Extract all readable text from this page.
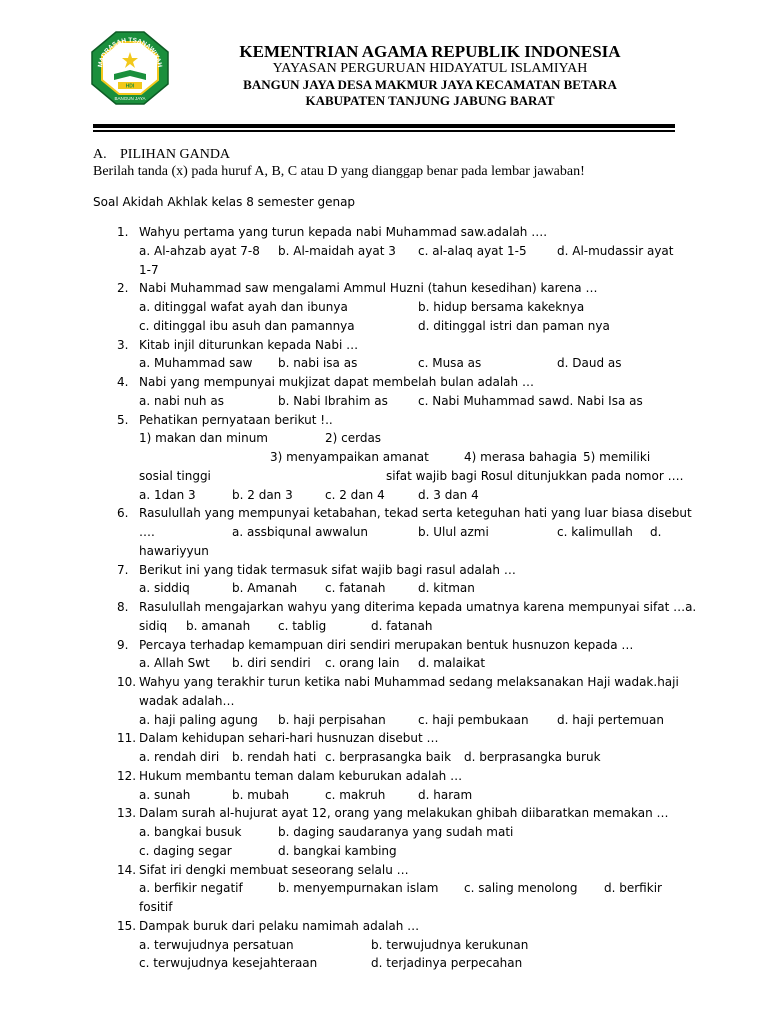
MADRASAH TSANAWIYAH
HDI
BANGUN JAYA
KEMENTRIAN AGAMA REPUBLIK INDONESIA
YAYASAN PERGURUAN HIDAYATUL ISLAMIYAH
BANGUN JAYA DESA MAKMUR JAYA KECAMATAN BETARA
KABUPATEN TANJUNG JABUNG BARAT
A. PILIHAN GANDA
Berilah tanda (x) pada huruf A, B, C atau D yang dianggap benar pada lembar jawaban!
Soal Akidah Akhlak kelas 8 semester genap
1. Wahyu pertama yang turun kepada nabi Muhammad saw.adalah ….
a. Al-ahzab ayat 7-8 b. Al-maidah ayat 3 c. al-alaq ayat 1-5	d. Al-mudassir ayat
1-7
2. Nabi Muhammad saw mengalami Ammul Huzni (tahun kesedihan) karena …
a. ditinggal wafat ayah dan ibunya	b. hidup bersama kakeknya
c. ditinggal ibu asuh dan pamannya	d. ditinggal istri dan paman nya
3. Kitab injil diturunkan kepada Nabi …
a. Muhammad saw b. nabi isa as	c. Musa as	d. Daud as
4. Nabi yang mempunyai mukjizat dapat membelah bulan adalah …
a. nabi nuh as	b. Nabi Ibrahim as	c. Nabi Muhammad sawd. Nabi Isa as
5. Pehatikan pernyataan berikut !..
1) makan dan minum	2) cerdas
3) menyampaikan amanat	4) merasa bahagia 5) memiliki
sosial tinggi	sifat wajib bagi Rosul ditunjukkan pada nomor ….
a. 1dan 3	b. 2 dan 3	c. 2 dan 4	d. 3 dan 4
6. Rasulullah yang mempunyai ketabahan, tekad serta keteguhan hati yang luar biasa disebut
….	a. assbiqunal awwalun	b. Ulul azmi	c. kalimullah d.
hawariyyun
7. Berikut ini yang tidak termasuk sifat wajib bagi rasul adalah …
a. siddiq	b. Amanah c. fatanah	d. kitman
8. Rasulullah mengajarkan wahyu yang diterima kepada umatnya karena mempunyai sifat …a.
sidiq b. amanah c. tablig	d. fatanah
9. Percaya terhadap kemampuan diri sendiri merupakan bentuk husnuzon kepada …
a. Allah Swt b. diri sendiri c. orang lain d. malaikat
10. Wahyu yang terakhir turun ketika nabi Muhammad sedang melaksanakan Haji wadak.haji
wadak adalah…
a. haji paling agung b. haji perpisahan	c. haji pembukaan d. haji pertemuan
11. Dalam kehidupan sehari-hari husnuzan disebut …
a. rendah diri b. rendah hati c. berprasangka baik d. berprasangka buruk
12. Hukum membantu teman dalam keburukan adalah …
a. sunah	b. mubah	c. makruh	d. haram
13. Dalam surah al-hujurat ayat 12, orang yang melakukan ghibah diibaratkan memakan …
a. bangkai busuk	b. daging saudaranya yang sudah mati
c. daging segar	d. bangkai kambing
14. Sifat iri dengki membuat seseorang selalu …
a. berfikir negatif	b. menyempurnakan islam c. saling menolong d. berfikir
fositif
15. Dampak buruk dari pelaku namimah adalah …
a. terwujudnya persatuan	b. terwujudnya kerukunan
c. terwujudnya kesejahteraan	d. terjadinya perpecahan
